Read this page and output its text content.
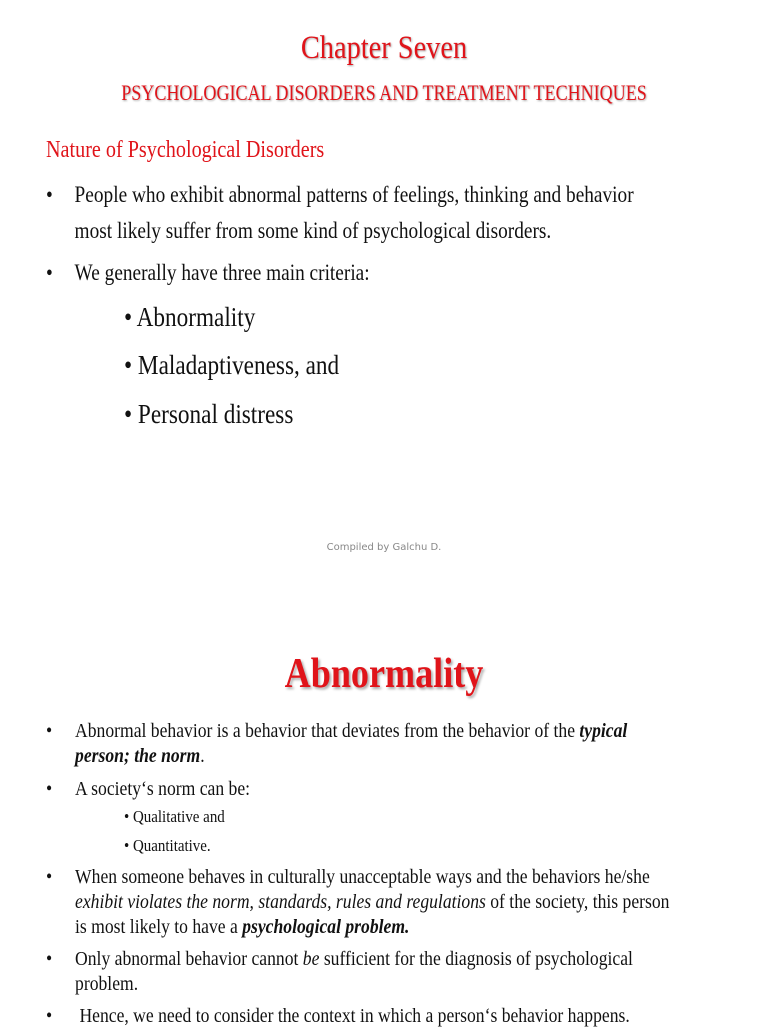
Chapter Seven
PSYCHOLOGICAL DISORDERS AND TREATMENT TECHNIQUES
Nature of Psychological Disorders
• People who exhibit abnormal patterns of feelings, thinking and behavior
most likely suffer from some kind of psychological disorders.
• We generally have three main criteria:
• Abnormality
• Maladaptiveness, and
• Personal distress
Compiled by Galchu D.
Abnormality
• Abnormal behavior is a behavior that deviates from the behavior of the typical
person; the norm.
• A society‘s norm can be:
• Qualitative and
• Quantitative.
• When someone behaves in culturally unacceptable ways and the behaviors he/she
exhibit violates the norm, standards, rules and regulations of the society, this person
is most likely to have a psychological problem.
• Only abnormal behavior cannot be sufficient for the diagnosis of psychological
problem.
• Hence, we need to consider the context in which a person‘s behavior happens.
